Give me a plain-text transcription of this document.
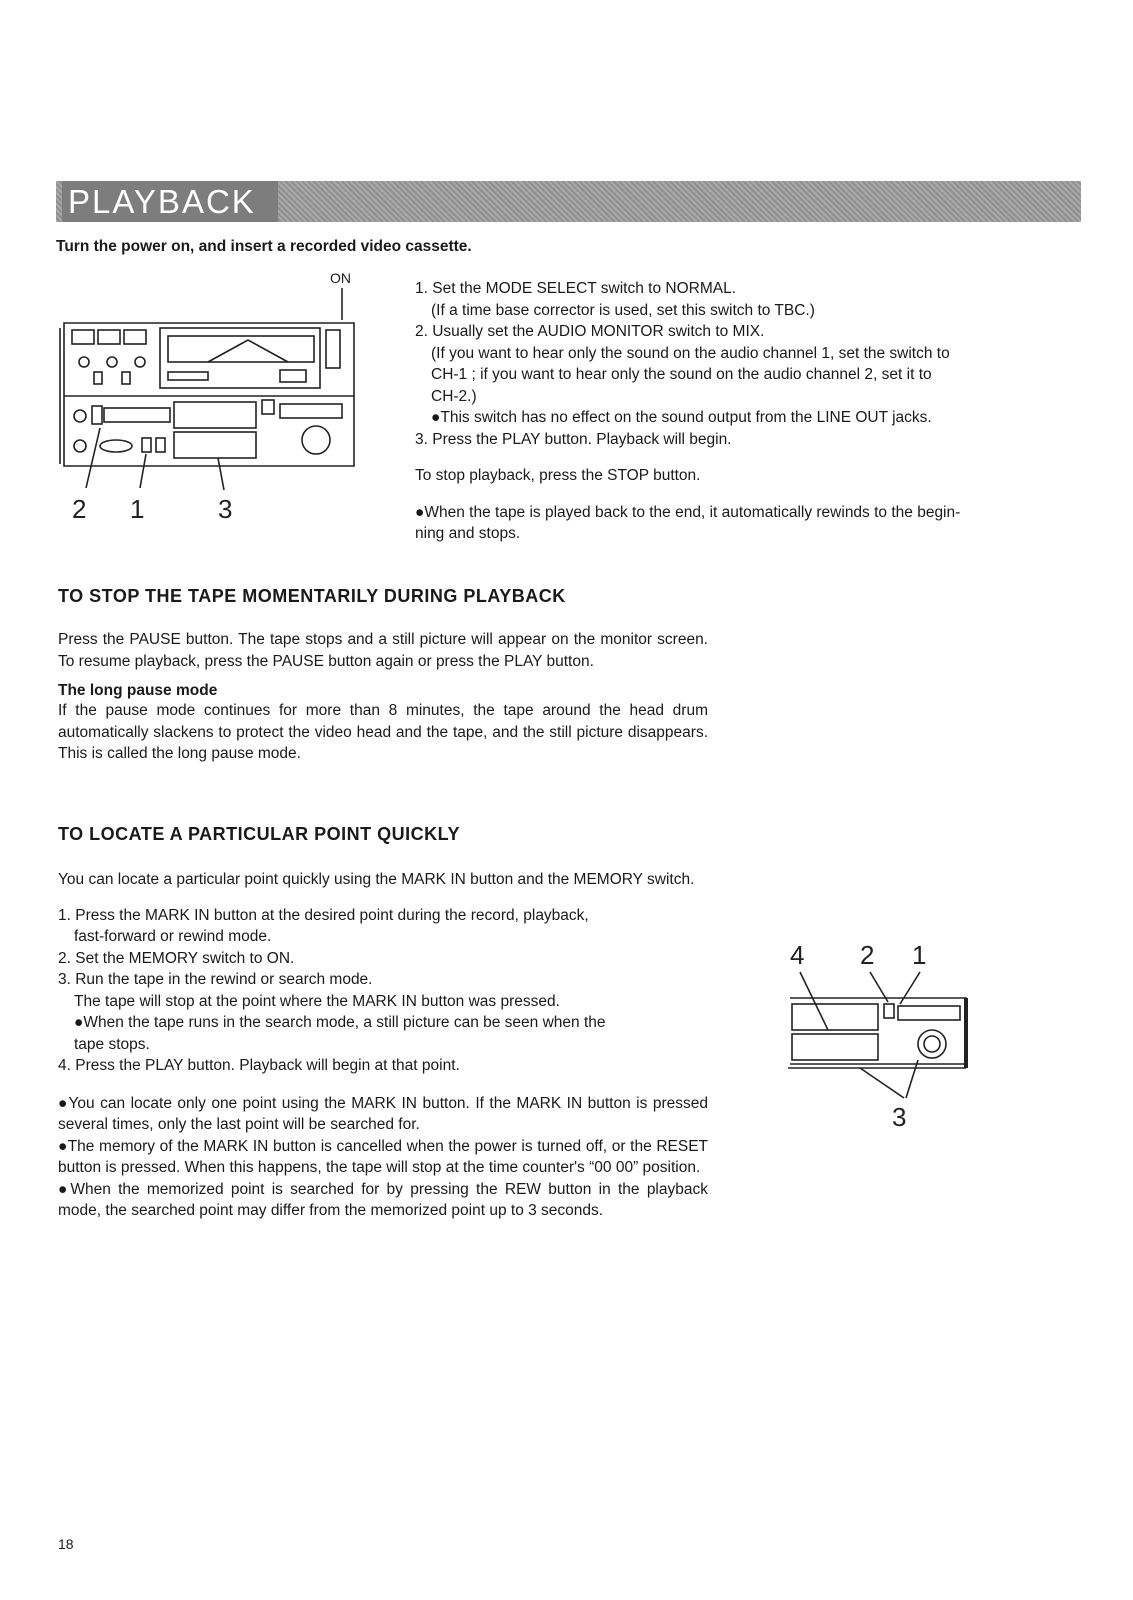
PLAYBACK
Turn the power on, and insert a recorded video cassette.
ON
2 1	3

1. Set the MODE SELECT switch to NORMAL.

(If a time base corrector is used, set this switch to TBC.)

2. Usually set the AUDIO MONITOR switch to MIX.

(If you want to hear only the sound on the audio channel 1, set the switch to

CH-1 ; if you want to hear only the sound on the audio channel 2, set it to

CH-2.)

●This switch has no effect on the sound output from the LINE OUT jacks.

3. Press the PLAY button. Playback will begin.

To stop playback, press the STOP button.

●When the tape is played back to the end, it automatically rewinds to the begin-

ning and stops.

TO STOP THE TAPE MOMENTARILY DURING PLAYBACK
Press the PAUSE button. The tape stops and a still picture will appear on the monitor screen. To resume playback, press the PAUSE button again or press the PLAY button.
The long pause mode
If the pause mode continues for more than 8 minutes, the tape around the head drum automatically slackens to protect the video head and the tape, and the still picture disappears. This is called the long pause mode.
TO LOCATE A PARTICULAR POINT QUICKLY
You can locate a particular point quickly using the MARK IN button and the MEMORY switch.

1. Press the MARK IN button at the desired point during the record, playback,

fast-forward or rewind mode.

2. Set the MEMORY switch to ON.

3. Run the tape in the rewind or search mode.

The tape will stop at the point where the MARK IN button was pressed.

●When the tape runs in the search mode, a still picture can be seen when the

tape stops.

4. Press the PLAY button. Playback will begin at that point.

●You can locate only one point using the MARK IN button. If the MARK IN button is pressed several times, only the last point will be searched for.

●The memory of the MARK IN button is cancelled when the power is turned off, or the RESET button is pressed. When this happens, the tape will stop at the time counter's “00 00” position.

●When the memorized point is searched for by pressing the REW button in the playback mode, the searched point may differ from the memorized point up to 3 seconds.

4 2 1
3
18
